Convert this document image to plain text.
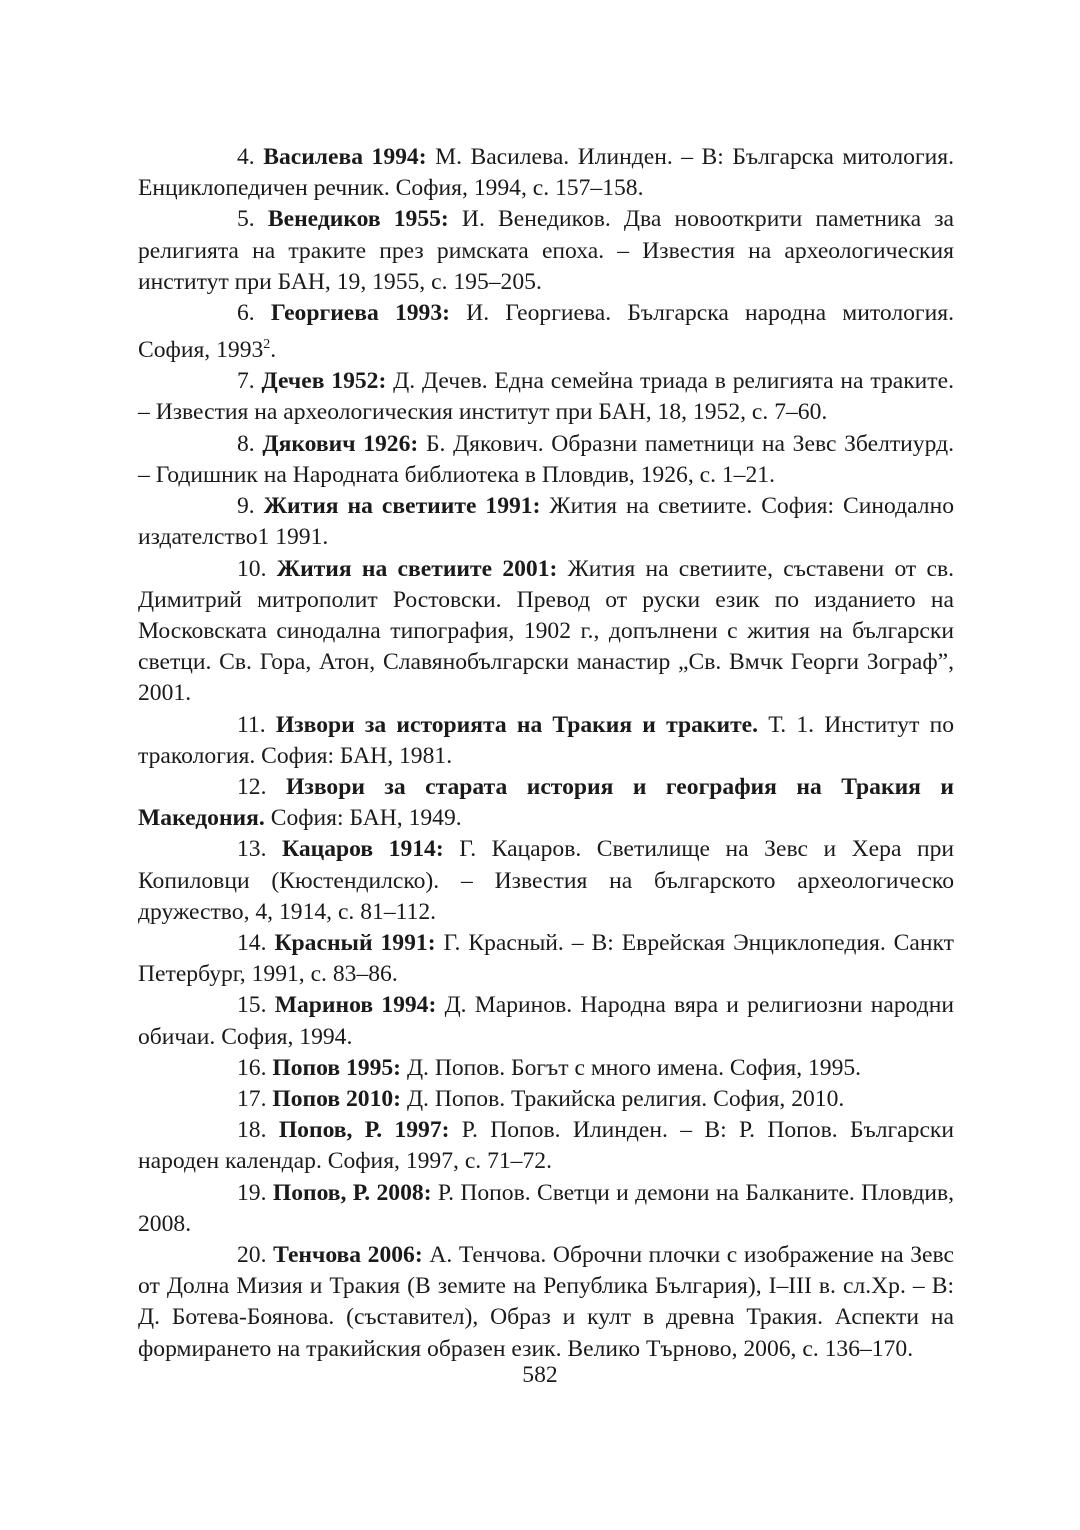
4. Василева 1994: М. Василева. Илинден. – В: Българска митология. Енциклопедичен речник. София, 1994, с. 157–158.

5. Венедиков 1955: И. Венедиков. Два новооткрити паметника за религията на траките през римската епоха. – Известия на археологическия институт при БАН, 19, 1955, с. 195–205.

6. Георгиева 1993: И. Георгиева. Българска народна митология. София, 1993$^2$.

7. Дечев 1952: Д. Дечев. Една семейна триада в религията на траките. – Известия на археологическия институт при БАН, 18, 1952, с. 7–60.

8. Дякович 1926: Б. Дякович. Образни паметници на Зевс Збелтиурд. – Годишник на Народната библиотека в Пловдив, 1926, с. 1–21.

9. Жития на светиите 1991: Жития на светиите. София: Синодално издателство1 1991.

10. Жития на светиите 2001: Жития на светиите, съставени от св. Димитрий митрополит Ростовски. Превод от руски език по изданието на Московската синодална типография, 1902 г., допълнени с жития на български светци. Св. Гора, Атон, Славянобългарски манастир „Св. Вмчк Георги Зограф”, 2001.

11. Извори за историята на Тракия и траките. Т. 1. Институт по тракология. София: БАН, 1981.

12. Извори за старата история и география на Тракия и Македония. София: БАН, 1949.

13. Кацаров 1914: Г. Кацаров. Светилище на Зевс и Хера при Копиловци (Кюстендилско). – Известия на българското археологическо дружество, 4, 1914, с. 81–112.

14. Красный 1991: Г. Красный. – В: Еврейская Энциклопедия. Санкт Петербург, 1991, с. 83–86.

15. Маринов 1994: Д. Маринов. Народна вяра и религиозни народни обичаи. София, 1994.

16. Попов 1995: Д. Попов. Богът с много имена. София, 1995.

17. Попов 2010: Д. Попов. Тракийска религия. София, 2010.

18. Попов, Р. 1997: Р. Попов. Илинден. – В: Р. Попов. Български народен календар. София, 1997, с. 71–72.

19. Попов, Р. 2008: Р. Попов. Светци и демони на Балканите. Пловдив, 2008.

20. Тенчова 2006: А. Тенчова. Оброчни плочки с изображение на Зевс от Долна Мизия и Тракия (В земите на Република България), I–III в. сл.Хр. – В: Д. Ботева-Боянова. (съставител), Образ и култ в древна Тракия. Аспекти на формирането на тракийския образен език. Велико Търново, 2006, с. 136–170.

582
